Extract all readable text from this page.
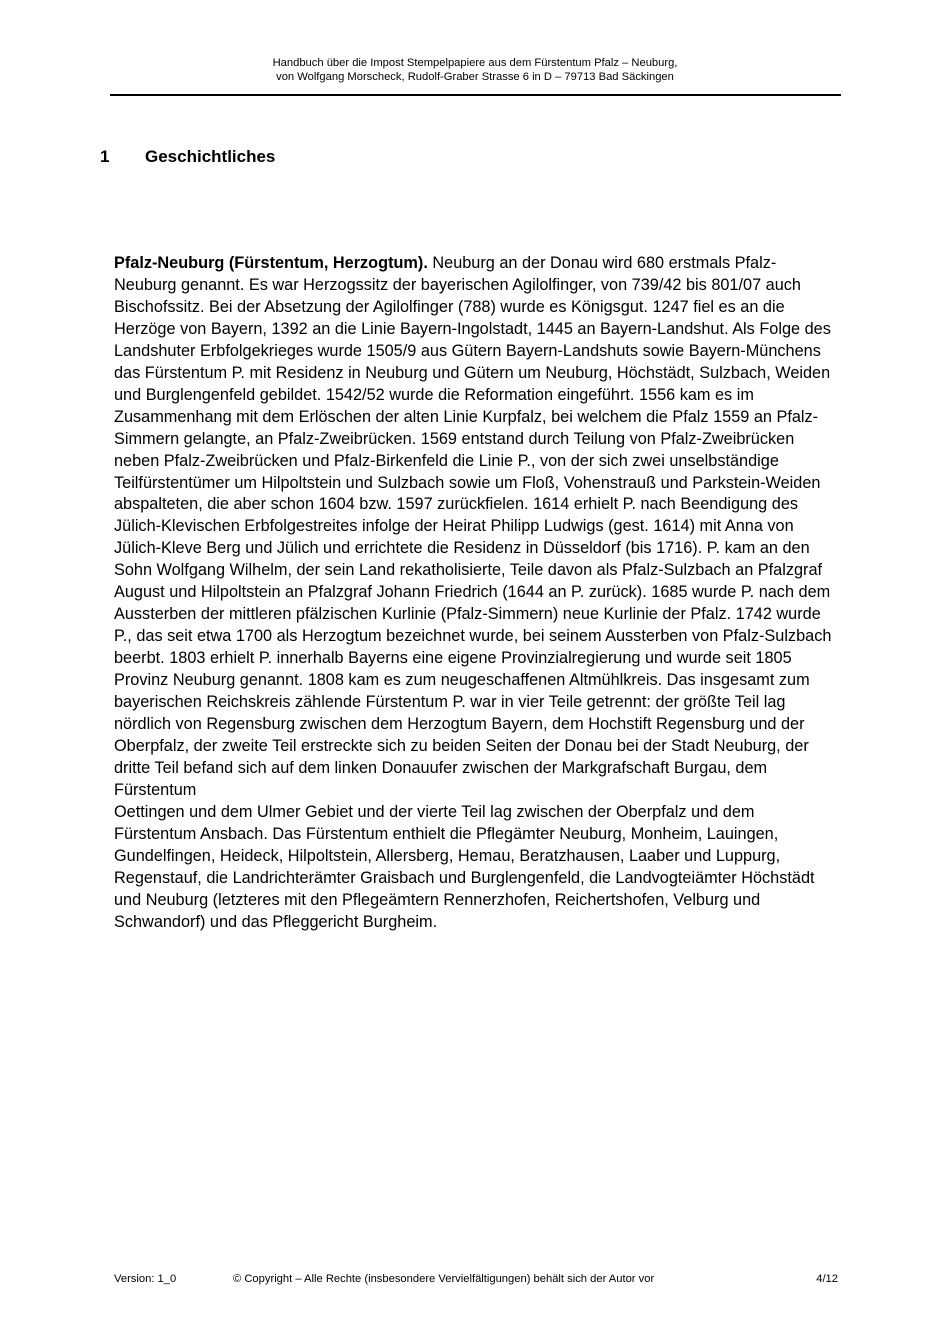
Handbuch über die Impost Stempelpapiere aus dem Fürstentum Pfalz – Neuburg,
von Wolfgang Morscheck, Rudolf-Graber Strasse 6 in D – 79713 Bad Säckingen
1 Geschichtliches

Pfalz-Neuburg (Fürstentum, Herzogtum). Neuburg an der Donau wird 680 erstmals Pfalz-Neuburg genannt. Es war Herzogssitz der bayerischen Agilolfinger, von 739/42 bis 801/07 auch Bischofssitz. Bei der Absetzung der Agilolfinger (788) wurde es Königsgut. 1247 fiel es an die Herzöge von Bayern, 1392 an die Linie Bayern-Ingolstadt, 1445 an Bayern-Landshut. Als Folge des Landshuter Erbfolgekrieges wurde 1505/9 aus Gütern Bayern-Landshuts sowie Bayern-Münchens das Fürstentum P. mit Residenz in Neuburg und Gütern um Neuburg, Höchstädt, Sulzbach, Weiden und Burglengenfeld gebildet. 1542/52 wurde die Reformation eingeführt. 1556 kam es im Zusammenhang mit dem Erlöschen der alten Linie Kurpfalz, bei welchem die Pfalz 1559 an Pfalz-Simmern gelangte, an Pfalz-Zweibrücken. 1569 entstand durch Teilung von Pfalz-Zweibrücken neben Pfalz-Zweibrücken und Pfalz-Birkenfeld die Linie P., von der sich zwei unselbständige Teilfürstentümer um Hilpoltstein und Sulzbach sowie um Floß, Vohenstrauß und Parkstein-Weiden abspalteten, die aber schon 1604 bzw. 1597 zurückfielen. 1614 erhielt P. nach Beendigung des Jülich-Klevischen Erbfolgestreites infolge der Heirat Philipp Ludwigs (gest. 1614) mit Anna von Jülich-Kleve Berg und Jülich und errichtete die Residenz in Düsseldorf (bis 1716). P. kam an den Sohn Wolfgang Wilhelm, der sein Land rekatholisierte, Teile davon als Pfalz-Sulzbach an Pfalzgraf August und Hilpoltstein an Pfalzgraf Johann Friedrich (1644 an P. zurück). 1685 wurde P. nach dem Aussterben der mittleren pfälzischen Kurlinie (Pfalz-Simmern) neue Kurlinie der Pfalz. 1742 wurde P., das seit etwa 1700 als Herzogtum bezeichnet wurde, bei seinem Aussterben von Pfalz-Sulzbach beerbt. 1803 erhielt P. innerhalb Bayerns eine eigene Provinzialregierung und wurde seit 1805 Provinz Neuburg genannt. 1808 kam es zum neugeschaffenen Altmühlkreis. Das insgesamt zum bayerischen Reichskreis zählende Fürstentum P. war in vier Teile getrennt: der größte Teil lag nördlich von Regensburg zwischen dem Herzogtum Bayern, dem Hochstift Regensburg und der Oberpfalz, der zweite Teil erstreckte sich zu beiden Seiten der Donau bei der Stadt Neuburg, der dritte Teil befand sich auf dem linken Donauufer zwischen der Markgrafschaft Burgau, dem Fürstentum

Oettingen und dem Ulmer Gebiet und der vierte Teil lag zwischen der Oberpfalz und dem Fürstentum Ansbach. Das Fürstentum enthielt die Pflegämter Neuburg, Monheim, Lauingen, Gundelfingen, Heideck, Hilpoltstein, Allersberg, Hemau, Beratzhausen, Laaber und Luppurg, Regenstauf, die Landrichterämter Graisbach und Burglengenfeld, die Landvogteiämter Höchstädt und Neuburg (letzteres mit den Pflegeämtern Rennerzhofen, Reichertshofen, Velburg und Schwandorf) und das Pfleggericht Burgheim.

Version: 1_0	© Copyright – Alle Rechte (insbesondere Vervielfältigungen) behält sich der Autor vor	4/12
